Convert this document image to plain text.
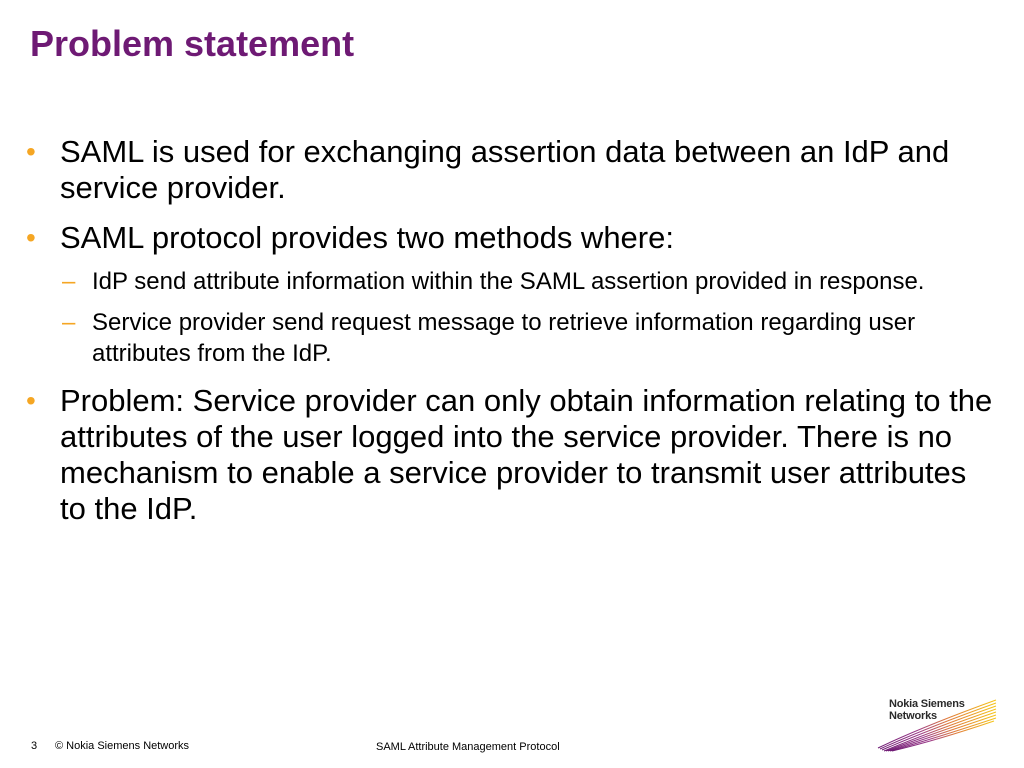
Problem statement
• SAML is used for exchanging assertion data between an IdP and service provider.
• SAML protocol provides two methods where:
– IdP send attribute information within the SAML assertion provided in response.
– Service provider send request message to retrieve information regarding user attributes from the IdP.
• Problem: Service provider can only obtain information relating to the attributes of the user logged into the service provider. There is no mechanism to enable a service provider to transmit user attributes to the IdP.
3 © Nokia Siemens Networks	SAML Attribute Management Protocol
Nokia Siemens
Networks
